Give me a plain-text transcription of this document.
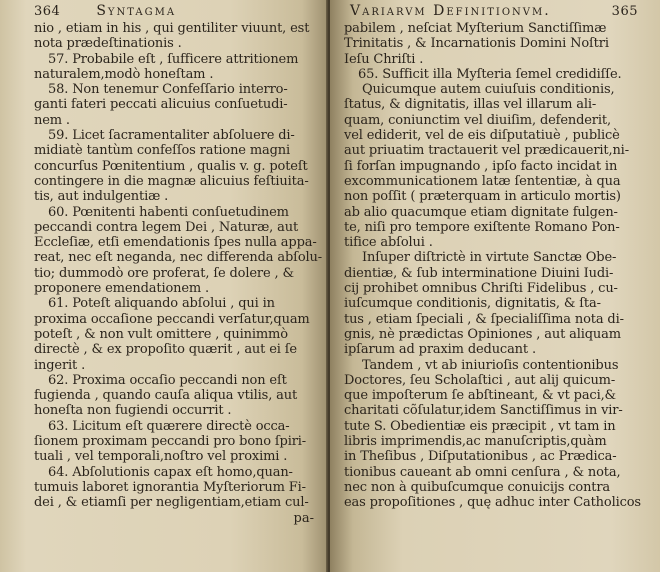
364	Syntagma
nio , etiam in his , qui gentiliter viuunt, est
nota prædeſtinationis .
57. Probabile eſt , ſufficere attritionem
naturalem,modò honeſtam .
58. Non tenemur Confeſſario interro-
ganti fateri peccati alicuius conſuetudi-
nem .
59. Licet ſacramentaliter abſoluere di-
midiatè tantùm confeſſos ratione magni
concurſus Pœnitentium , qualis v. g. poteſt
contingere in die magnæ alicuius feſtiuita-
tis, aut indulgentiæ .
60. Pœnitenti habenti conſuetudinem
peccandi contra legem Dei , Naturæ, aut
Eccleſiæ, etſi emendationis ſpes nulla appa-
reat, nec eſt neganda, nec differenda abſolu-
tio; dummodò ore proferat, ſe dolere , &
proponere emendationem .
61. Poteſt aliquando abſolui , qui in
proxima occaſione peccandi verſatur,quam
poteſt , & non vult omittere , quinimmò
directè , & ex propoſito quærit , aut ei ſe
ingerit .
62. Proxima occaſio peccandi non eſt
fugienda , quando cauſa aliqua vtilis, aut
honeſta non fugiendi occurrit .
63. Licitum eſt quærere directè occa-
ſionem proximam peccandi pro bono ſpiri-
tuali , vel temporali,noſtro vel proximi .
64. Abſolutionis capax eſt homo,quan-
tumuis laboret ignorantia Myſteriorum Fi-
dei , & etiamſi per negligentiam,etiam cul-
pa-
Variarvm Definitionvm.	365
pabilem , neſciat Myſterium Sanctiſſimæ
Trinitatis , & Incarnationis Domini Noſtri
Ieſu Chriſti .
65. Sufficit illa Myſteria ſemel credidiſſe.
Quicumque autem cuiuſuis conditionis,
ſtatus, & dignitatis, illas vel illarum ali-
quam, coniunctim vel diuiſim, defenderit,
vel ediderit, vel de eis diſputatiuè , publicè
aut priuatim tractauerit vel prædicauerit,ni-
ſi forſan impugnando , ipſo facto incidat in
excommunicationem latæ ſententiæ, à qua
non poſſit ( præterquam in articulo mortis)
ab alio quacumque etiam dignitate fulgen-
te, niſi pro tempore exiſtente Romano Pon-
tifice abſolui .
Inſuper diſtrictè in virtute Sanctæ Obe-
dientiæ, & ſub interminatione Diuini Iudi-
cij prohibet omnibus Chriſti Fidelibus , cu-
iuſcumque conditionis, dignitatis, & ſta-
tus , etiam ſpeciali , & ſpecialiſſima nota di-
gnis, nè prædictas Opiniones , aut aliquam
ipſarum ad praxim deducant .
Tandem , vt ab iniurioſis contentionibus
Doctores, ſeu Scholaſtici , aut alij quicum-
que impoſterum ſe abſtineant, & vt paci,&
charitati cõſulatur,idem Sanctiſſimus in vir-
tute S. Obedientiæ eis præcipit , vt tam in
libris imprimendis,ac manuſcriptis,quàm
in Theſibus , Diſputationibus , ac Prædica-
tionibus caueant ab omni cenſura , & nota,
nec non à quibuſcumque conuicijs contra
eas propoſitiones , quę adhuc inter Catholicos
